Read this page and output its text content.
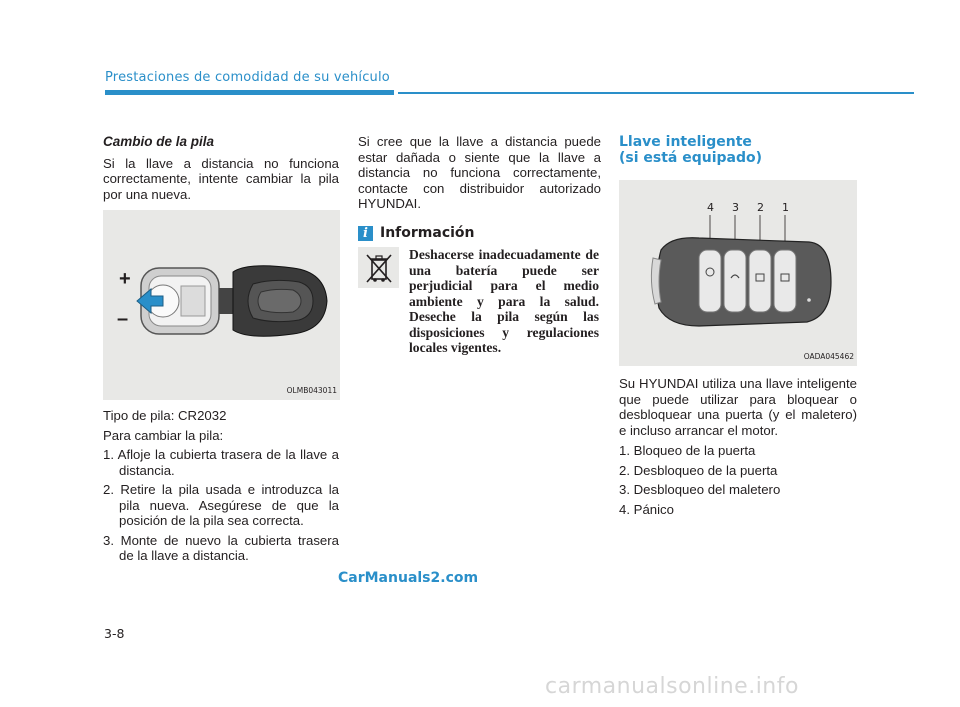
Prestaciones de comodidad de su vehículo
Cambio de la pila

Si la llave a distancia no funciona correctamente, intente cambiar la pila por una nueva.

+
–
OLMB043011

Tipo de pila: CR2032

Para cambiar la pila:

1. Afloje la cubierta trasera de la llave a distancia.
2. Retire la pila usada e introduzca la pila nueva. Asegúrese de que la posición de la pila sea correcta.
3. Monte de nuevo la cubierta trasera de la llave a distancia.

Si cree que la llave a distancia puede estar dañada o siente que la llave a distancia no funciona correctamente, contacte con distribuidor autorizado HYUNDAI.

i Información
Deshacerse inadecuadamente de una batería puede ser perjudicial para el medio ambiente y para la salud. Deseche la pila según las disposiciones y regulaciones locales vigentes.
Llave inteligente
(si está equipado)
4 3 2 1
OADA045462

Su HYUNDAI utiliza una llave inteligente que puede utilizar para bloquear o desbloquear una puerta (y el maletero) e incluso arrancar el motor.

1. Bloqueo de la puerta

2. Desbloqueo de la puerta

3. Desbloqueo del maletero

4. Pánico

CarManuals2.com
3-8
carmanualsonline.info
